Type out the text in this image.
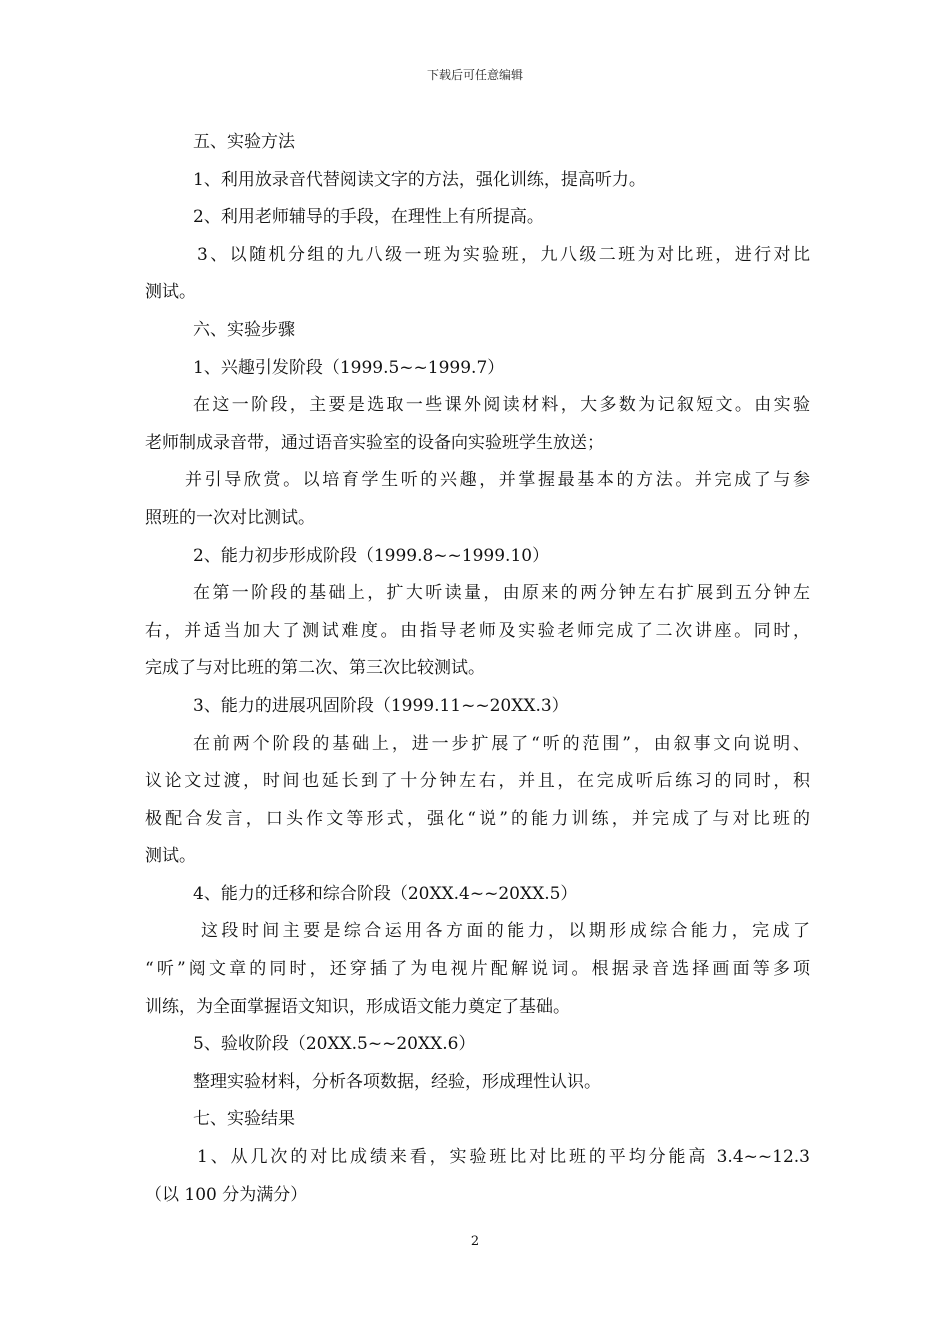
下载后可任意编辑
五、实验方法
1、利用放录音代替阅读文字的方法，强化训练，提高听力。
2、利用老师辅导的手段，在理性上有所提高。
3、以随机分组的九八级一班为实验班，九八级二班为对比班，进行对比
测试。
六、实验步骤
1、兴趣引发阶段（1999.5~~1999.7）
在这一阶段，主要是选取一些课外阅读材料，大多数为记叙短文。由实验
老师制成录音带，通过语音实验室的设备向实验班学生放送；
并引导欣赏。以培育学生听的兴趣，并掌握最基本的方法。并完成了与参
照班的一次对比测试。
2、能力初步形成阶段（1999.8~~1999.10）
在第一阶段的基础上，扩大听读量，由原来的两分钟左右扩展到五分钟左
右，并适当加大了测试难度。由指导老师及实验老师完成了二次讲座。同时，
完成了与对比班的第二次、第三次比较测试。
3、能力的进展巩固阶段（1999.11~~20XX.3）
在前两个阶段的基础上，进一步扩展了“听的范围”，由叙事文向说明、
议论文过渡，时间也延长到了十分钟左右，并且，在完成听后练习的同时，积
极配合发言，口头作文等形式，强化“说”的能力训练，并完成了与对比班的
测试。
4、能力的迁移和综合阶段（20XX.4~~20XX.5）
这段时间主要是综合运用各方面的能力，以期形成综合能力，完成了
“听”阅文章的同时，还穿插了为电视片配解说词。根据录音选择画面等多项
训练，为全面掌握语文知识，形成语文能力奠定了基础。
5、验收阶段（20XX.5~~20XX.6）
整理实验材料，分析各项数据，经验，形成理性认识。
七、实验结果
1、从几次的对比成绩来看，实验班比对比班的平均分能高 3.4~~12.3
（以 100 分为满分）
2
